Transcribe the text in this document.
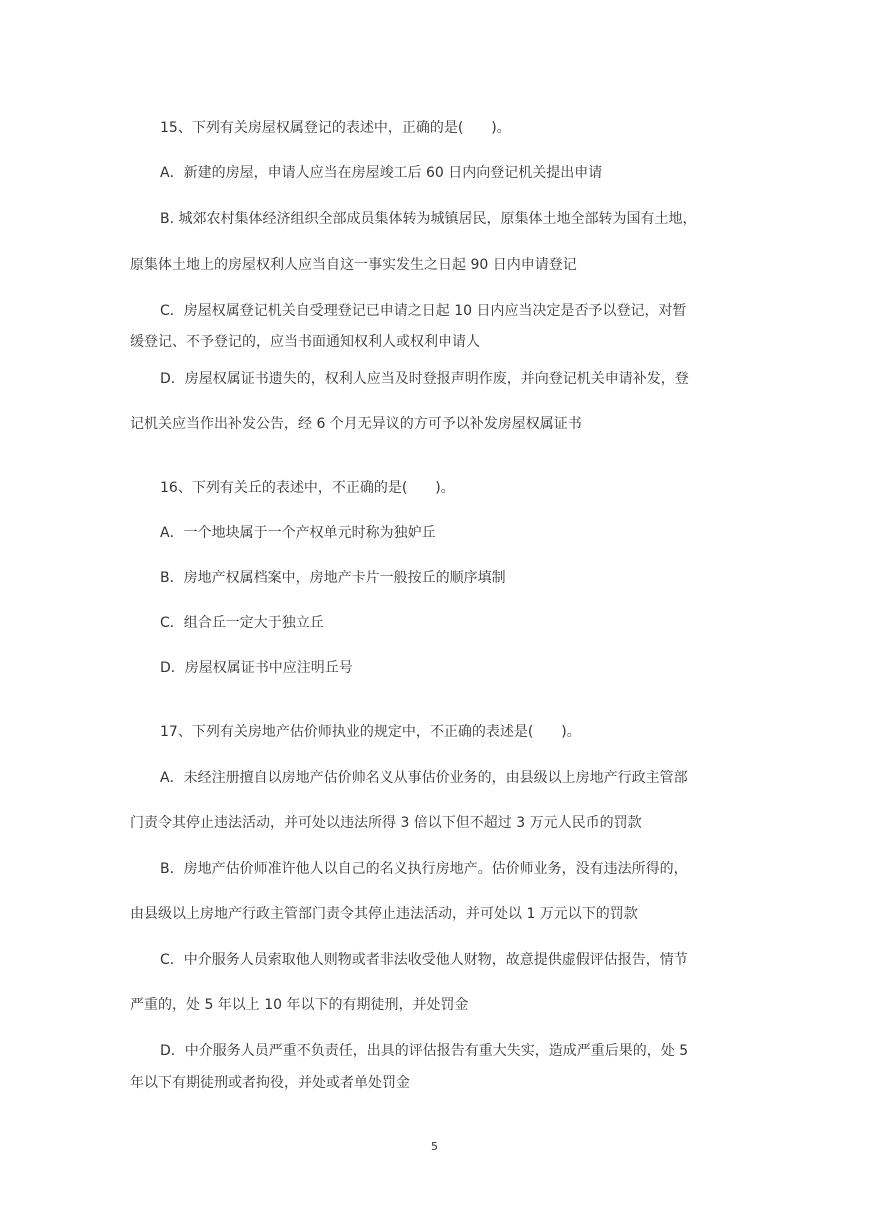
15、下列有关房屋权属登记的表述中，正确的是(　　)。

A．新建的房屋，申请人应当在房屋竣工后 60 日内向登记机关提出申请

B. 城郊农村集体经济组织全部成员集体转为城镇居民，原集体土地全部转为国有土地，

原集体土地上的房屋权利人应当自这一事实发生之日起 90 日内申请登记

C．房屋权属登记机关自受理登记已申请之日起 10 日内应当决定是否予以登记，对暂

缓登记、不予登记的，应当书面通知权利人或权利申请人

D．房屋权属证书遗失的，权利人应当及时登报声明作废，并向登记机关申请补发，登

记机关应当作出补发公告，经 6 个月无异议的方可予以补发房屋权属证书

16、下列有关丘的表述中，不正确的是(　　)。

A．一个地块属于一个产权单元时称为独妒丘

B．房地产权属档案中，房地产卡片一般按丘的顺序填制

C．组合丘一定大于独立丘

D．房屋权属证书中应注明丘号

17、下列有关房地产估价师执业的规定中，不正确的表述是(　　)。

A．未经注册擅自以房地产估价帅名义从事估价业务的，由县级以上房地产行政主管部

门责令其停止违法活动，并可处以违法所得 3 倍以下但不超过 3 万元人民币的罚款

B．房地产估价师准许他人以自己的名义执行房地产。估价师业务，没有违法所得的，

由县级以上房地产行政主管部门责令其停止违法活动，并可处以 1 万元以下的罚款

C．中介服务人员索取他人则物或者非法收受他人财物，故意提供虚假评估报告，情节

严重的，处 5 年以上 10 年以下的有期徒刑，并处罚金

D．中介服务人员严重不负责任，出具的评估报告有重大失实，造成严重后果的，处 5

年以下有期徒刑或者拘役，并处或者单处罚金

5
